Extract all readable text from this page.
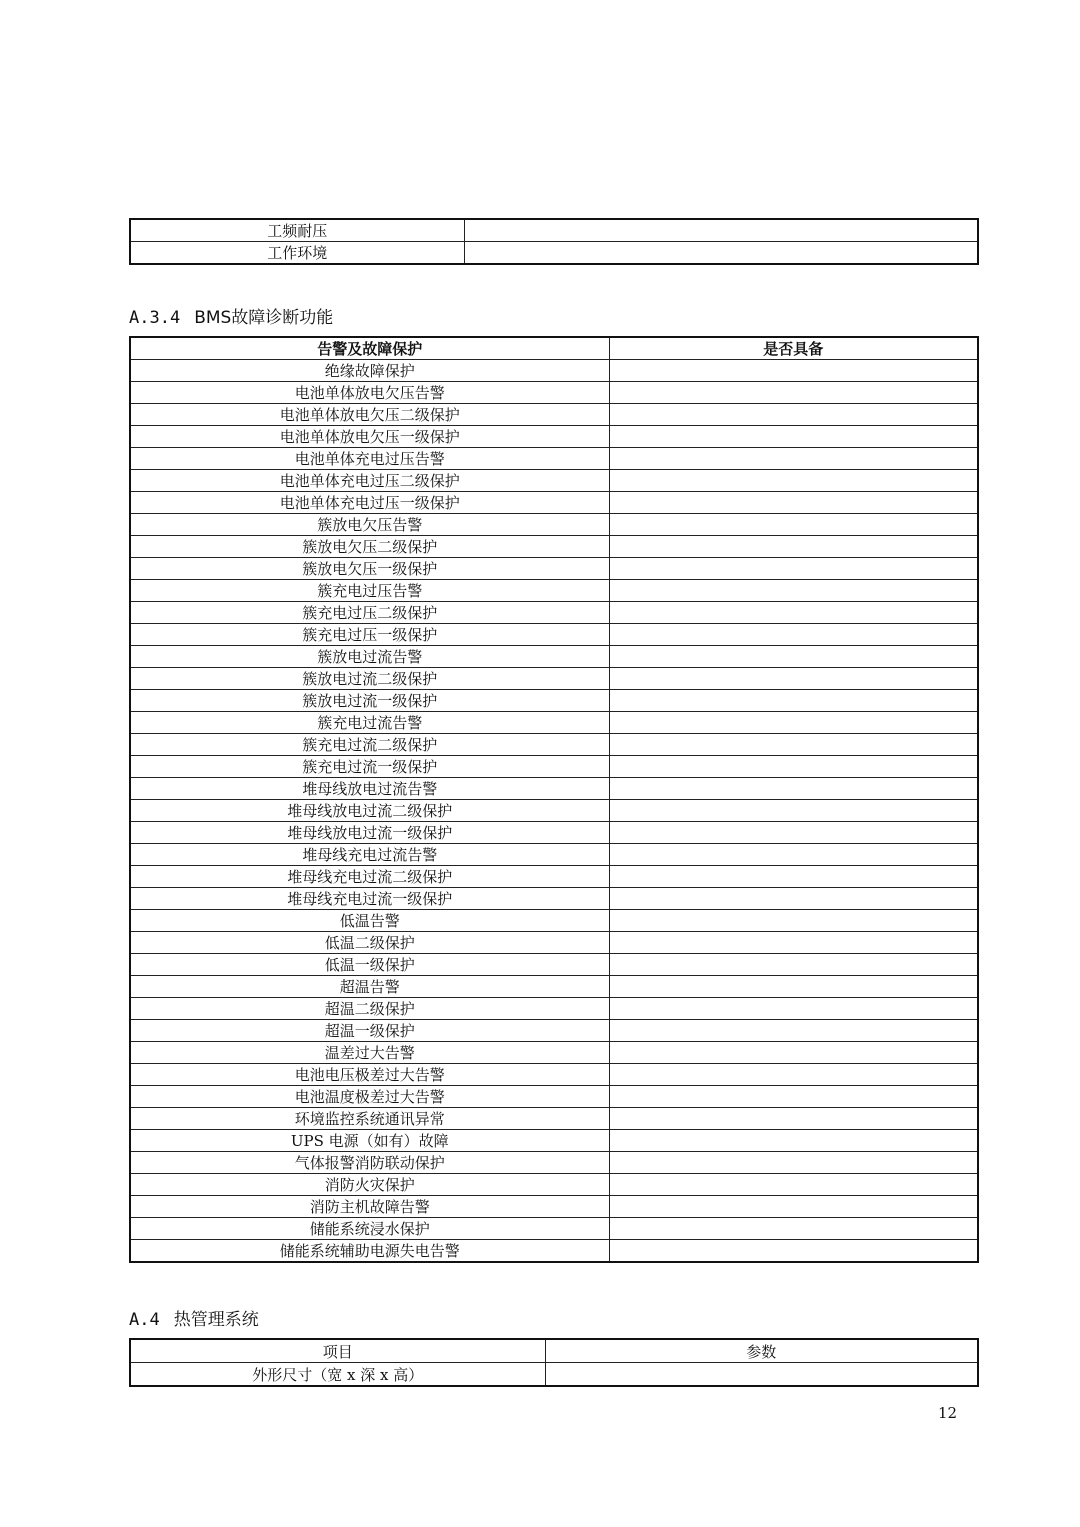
工频耐压	
工作环境	
A.3.4 BMS故障诊断功能
告警及故障保护	是否具备
绝缘故障保护	
电池单体放电欠压告警	
电池单体放电欠压二级保护	
电池单体放电欠压一级保护	
电池单体充电过压告警	
电池单体充电过压二级保护	
电池单体充电过压一级保护	
簇放电欠压告警	
簇放电欠压二级保护	
簇放电欠压一级保护	
簇充电过压告警	
簇充电过压二级保护	
簇充电过压一级保护	
簇放电过流告警	
簇放电过流二级保护	
簇放电过流一级保护	
簇充电过流告警	
簇充电过流二级保护	
簇充电过流一级保护	
堆母线放电过流告警	
堆母线放电过流二级保护	
堆母线放电过流一级保护	
堆母线充电过流告警	
堆母线充电过流二级保护	
堆母线充电过流一级保护	
低温告警	
低温二级保护	
低温一级保护	
超温告警	
超温二级保护	
超温一级保护	
温差过大告警	
电池电压极差过大告警	
电池温度极差过大告警	
环境监控系统通讯异常	
UPS 电源（如有）故障	
气体报警消防联动保护	
消防火灾保护	
消防主机故障告警	
储能系统浸水保护	
储能系统辅助电源失电告警	
A.4 热管理系统
项目	参数
外形尺寸（宽 x 深 x 高）	
12
